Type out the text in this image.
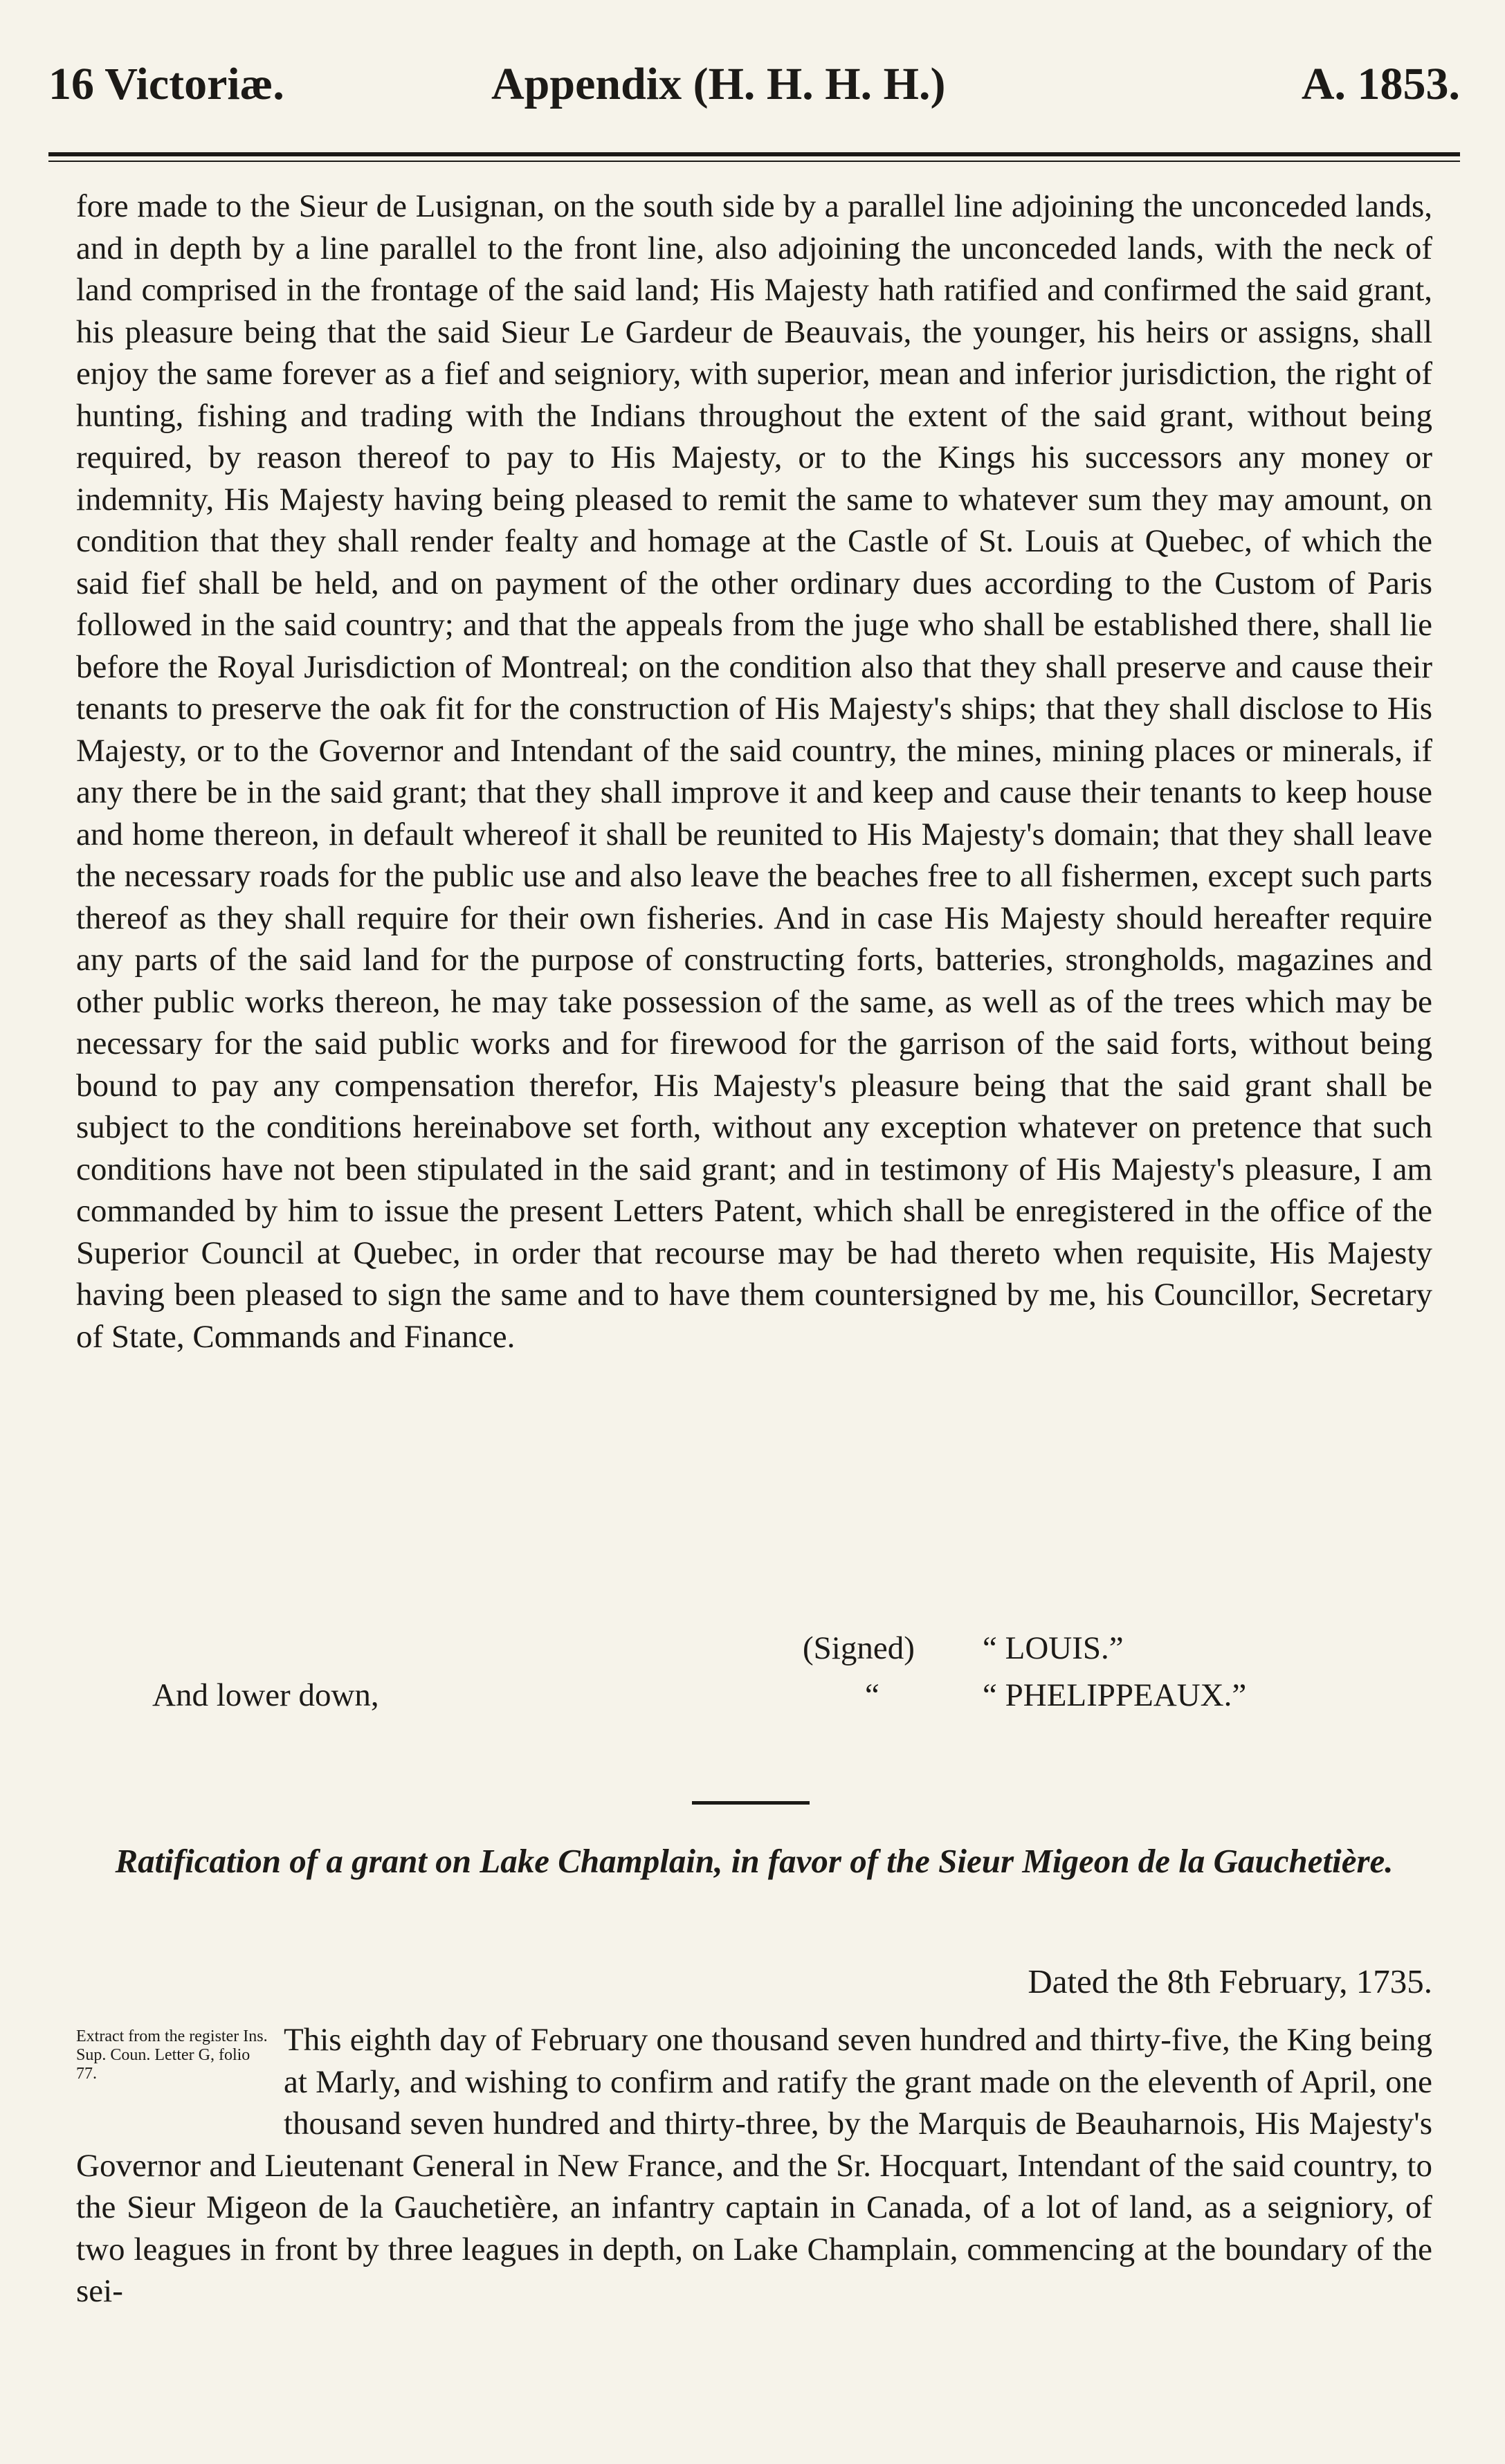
16 Victoriæ.	Appendix (H. H. H. H.)	A. 1853.

fore made to the Sieur de Lusignan, on the south side by a parallel line adjoining the unconceded lands, and in depth by a line parallel to the front line, also adjoining the unconceded lands, with the neck of land comprised in the frontage of the said land; His Majesty hath ratified and confirmed the said grant, his pleasure being that the said Sieur Le Gardeur de Beauvais, the younger, his heirs or assigns, shall enjoy the same forever as a fief and seigniory, with superior, mean and inferior jurisdiction, the right of hunting, fishing and trading with the Indians throughout the extent of the said grant, without being required, by reason thereof to pay to His Majesty, or to the Kings his successors any money or indemnity, His Majesty having being pleased to remit the same to whatever sum they may amount, on condition that they shall render fealty and homage at the Castle of St. Louis at Quebec, of which the said fief shall be held, and on payment of the other ordinary dues according to the Custom of Paris followed in the said country; and that the appeals from the juge who shall be established there, shall lie before the Royal Jurisdiction of Montreal; on the condition also that they shall preserve and cause their tenants to preserve the oak fit for the construction of His Majesty's ships; that they shall disclose to His Majesty, or to the Governor and Intendant of the said country, the mines, mining places or minerals, if any there be in the said grant; that they shall improve it and keep and cause their tenants to keep house and home thereon, in default whereof it shall be reunited to His Majesty's domain; that they shall leave the necessary roads for the public use and also leave the beaches free to all fishermen, except such parts thereof as they shall require for their own fisheries. And in case His Majesty should hereafter require any parts of the said land for the purpose of constructing forts, batteries, strongholds, magazines and other public works thereon, he may take possession of the same, as well as of the trees which may be necessary for the said public works and for firewood for the garrison of the said forts, without being bound to pay any compensation therefor, His Majesty's pleasure being that the said grant shall be subject to the conditions hereinabove set forth, without any exception whatever on pretence that such conditions have not been stipulated in the said grant; and in testimony of His Majesty's pleasure, I am commanded by him to issue the present Letters Patent, which shall be enregistered in the office of the Superior Council at Quebec, in order that recourse may be had thereto when requisite, His Majesty having been pleased to sign the same and to have them countersigned by me, his Councillor, Secretary of State, Commands and Finance.

(Signed) “ LOUIS.”
And lower down,	“	“ PHELIPPEAUX.”
Ratification of a grant on Lake Champlain, in favor of the Sieur Migeon de la Gauchetière.
Dated the 8th February, 1735.
Extract from the register Ins. Sup. Coun. Letter G, folio 77.

This eighth day of February one thousand seven hundred and thirty-five, the King being at Marly, and wishing to confirm and ratify the grant made on the eleventh of April, one thousand seven hundred and thirty-three, by the Marquis de Beauharnois, His Majesty's Governor and Lieutenant General in New France, and the Sr. Hocquart, Intendant of the said country, to the Sieur Migeon de la Gauchetière, an infantry captain in Canada, of a lot of land, as a seigniory, of two leagues in front by three leagues in depth, on Lake Champlain, commencing at the boundary of the sei-
